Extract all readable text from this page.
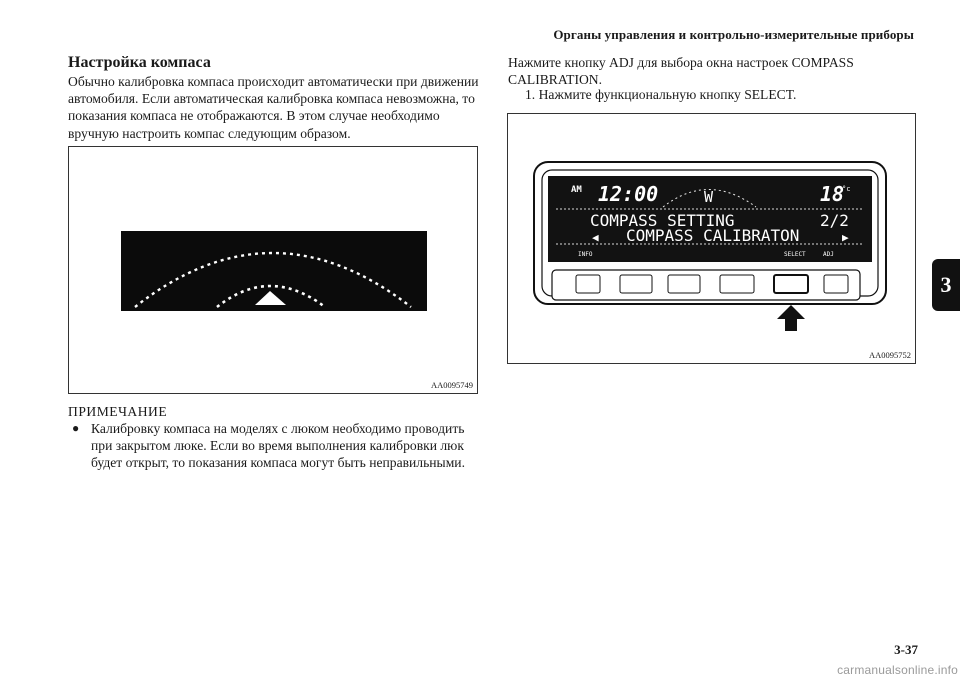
Органы управления и контрольно-измерительные приборы
3
Настройка компаса

Обычно калибровка компаса происходит автоматически при движении автомобиля. Если автоматическая калибровка компаса невозможна, то показания компаса не отображаются. В этом случае необходимо вручную настроить компас следующим образом.

AA0095749
ПРИМЕЧАНИЕ
● Калибровку компаса на моделях с люком необходимо проводить при закрытом люке. Если во время выполнения калибровки люк будет открыт, то показания компаса могут быть неправильными.

Нажмите кнопку ADJ для выбора окна настроек COMPASS CALIBRATION.

1. Нажмите функциональную кнопку SELECT.
AM 12:00	W	18
°c
COMPASS SETTING	2/2
◀ COMPASS CALIBRATON	▶
INFO	SELECT	ADJ
AA0095752
3-37
carmanualsonline.info
